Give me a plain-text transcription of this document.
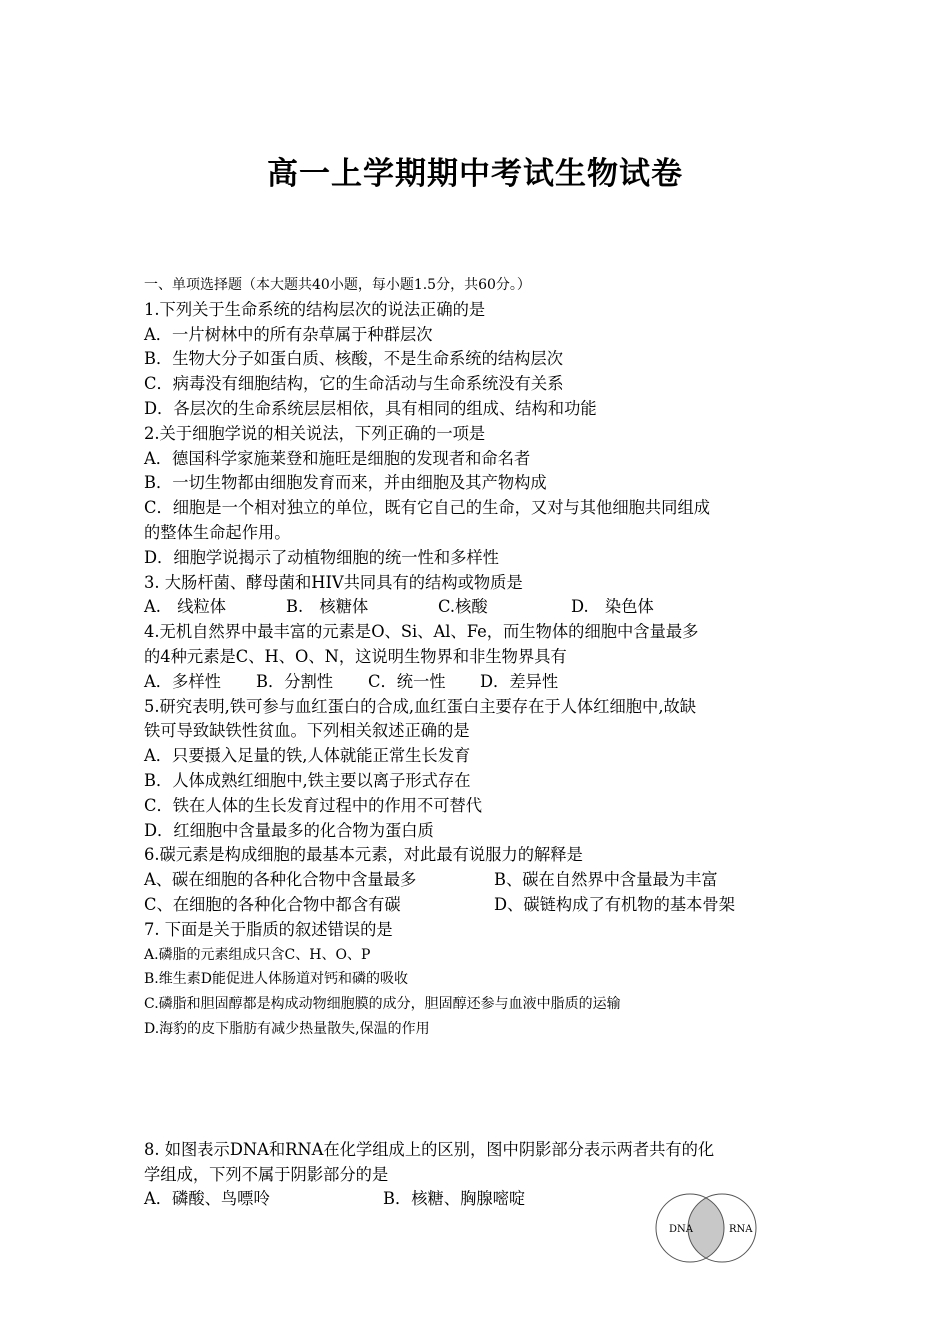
高一上学期期中考试生物试卷

一、单项选择题（本大题共40小题，每小题1.5分，共60分。）

1.下列关于生命系统的结构层次的说法正确的是

A．一片树林中的所有杂草属于种群层次

B．生物大分子如蛋白质、核酸，不是生命系统的结构层次

C．病毒没有细胞结构，它的生命活动与生命系统没有关系

D．各层次的生命系统层层相依，具有相同的组成、结构和功能

2.关于细胞学说的相关说法，下列正确的一项是

A．德国科学家施莱登和施旺是细胞的发现者和命名者

B．一切生物都由细胞发育而来，并由细胞及其产物构成

C．细胞是一个相对独立的单位，既有它自己的生命，又对与其他细胞共同组成

的整体生命起作用。

D．细胞学说揭示了动植物细胞的统一性和多样性

3. 大肠杆菌、酵母菌和HIV共同具有的结构或物质是

A.　线粒体	B.　核糖体	C.核酸	D.　染色体

4.无机自然界中最丰富的元素是O、Si、Al、Fe，而生物体的细胞中含量最多

的4种元素是C、H、O、N，这说明生物界和非生物界具有

A．多样性	B．分割性	C．统一性	D．差异性

5.研究表明,铁可参与血红蛋白的合成,血红蛋白主要存在于人体红细胞中,故缺

铁可导致缺铁性贫血。下列相关叙述正确的是

A．只要摄入足量的铁,人体就能正常生长发育

B．人体成熟红细胞中,铁主要以离子形式存在

C．铁在人体的生长发育过程中的作用不可替代

D．红细胞中含量最多的化合物为蛋白质

6.碳元素是构成细胞的最基本元素，对此最有说服力的解释是

A、碳在细胞的各种化合物中含量最多	B、碳在自然界中含量最为丰富
C、在细胞的各种化合物中都含有碳	D、碳链构成了有机物的基本骨架

7. 下面是关于脂质的叙述错误的是

A.磷脂的元素组成只含C、H、O、P

B.维生素D能促进人体肠道对钙和磷的吸收

C.磷脂和胆固醇都是构成动物细胞膜的成分，胆固醇还参与血液中脂质的运输

D.海豹的皮下脂肪有减少热量散失,保温的作用

8. 如图表示DNA和RNA在化学组成上的区别，图中阴影部分表示两者共有的化

学组成，下列不属于阴影部分的是

A．磷酸、鸟嘌呤	B．核糖、胸腺嘧啶
DNA	RNA
